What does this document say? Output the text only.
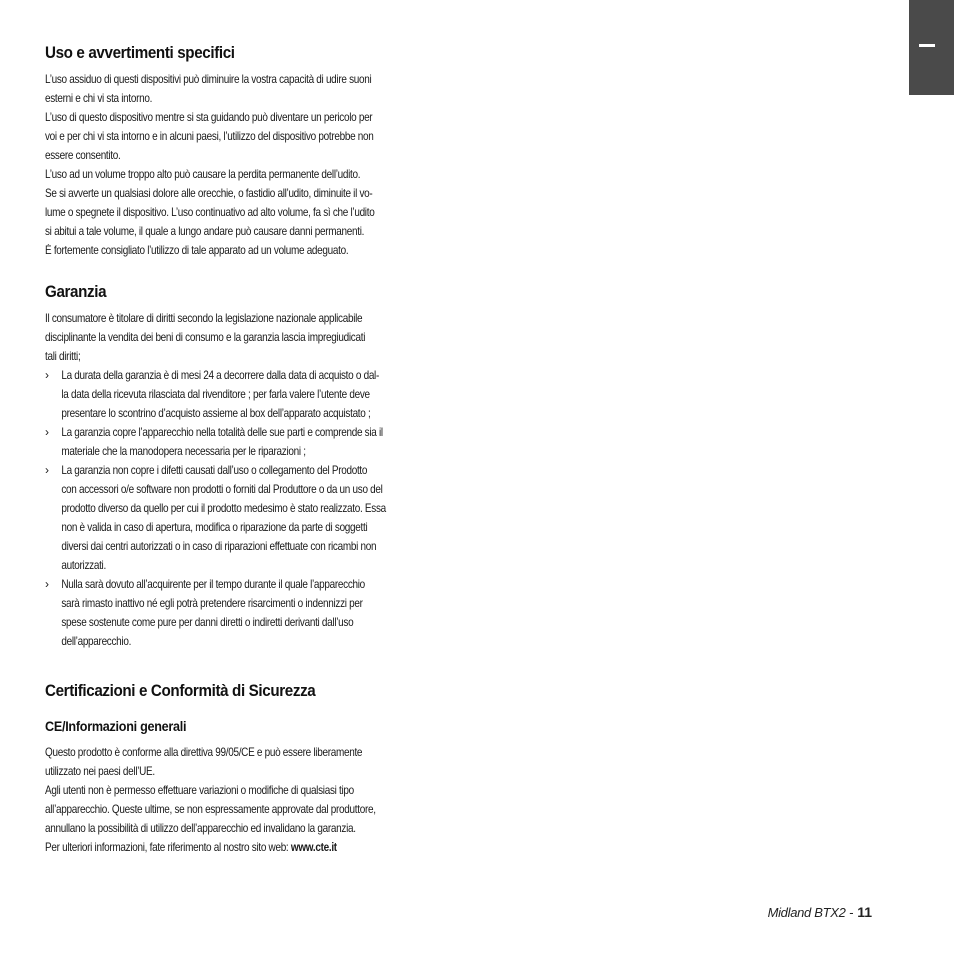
Uso e avvertimenti specifici
L’uso assiduo di questi dispositivi può diminuire la vostra capacità di udire suoni
esterni e chi vi sta intorno.
L’uso di questo dispositivo mentre si sta guidando può diventare un pericolo per
voi e per chi vi sta intorno e in alcuni paesi, l’utilizzo del dispositivo potrebbe non
essere consentito.
L’uso ad un volume troppo alto può causare la perdita permanente dell’udito.
Se si avverte un qualsiasi dolore alle orecchie, o fastidio all’udito, diminuite il vo-
lume o spegnete il dispositivo. L’uso continuativo ad alto volume, fa sì che l’udito
si abitui a tale volume, il quale a lungo andare può causare danni permanenti.
È fortemente consigliato l’utilizzo di tale apparato ad un volume adeguato.
Garanzia
Il consumatore è titolare di diritti secondo la legislazione nazionale applicabile
disciplinante la vendita dei beni di consumo e la garanzia lascia impregiudicati
tali diritti;
›	La durata della garanzia è di mesi 24 a decorrere dalla data di acquisto o dal-
la data della ricevuta rilasciata dal rivenditore ; per farla valere l’utente deve
presentare lo scontrino d’acquisto assieme al box dell’apparato acquistato ;
›	La garanzia copre l’apparecchio nella totalità delle sue parti e comprende sia il
materiale che la manodopera necessaria per le riparazioni ;
›	La garanzia non copre i difetti causati dall’uso o collegamento del Prodotto
con accessori o/e software non prodotti o forniti dal Produttore o da un uso del
prodotto diverso da quello per cui il prodotto medesimo è stato realizzato. Essa
non è valida in caso di apertura, modifica o riparazione da parte di soggetti
diversi dai centri autorizzati o in caso di riparazioni effettuate con ricambi non
autorizzati.
›	Nulla sarà dovuto all’acquirente per il tempo durante il quale l’apparecchio
sarà rimasto inattivo né egli potrà pretendere risarcimenti o indennizzi per
spese sostenute come pure per danni diretti o indiretti derivanti dall’uso
dell’apparecchio.
Certificazioni e Conformità di Sicurezza
CE/Informazioni generali
Questo prodotto è conforme alla direttiva 99/05/CE e può essere liberamente
utilizzato nei paesi dell’UE.
Agli utenti non è permesso effettuare variazioni o modifiche di qualsiasi tipo
all’apparecchio. Queste ultime, se non espressamente approvate dal produttore,
annullano la possibilità di utilizzo dell’apparecchio ed invalidano la garanzia.
Per ulteriori informazioni, fate riferimento al nostro sito web: www.cte.it
Midland BTX2 - 11
